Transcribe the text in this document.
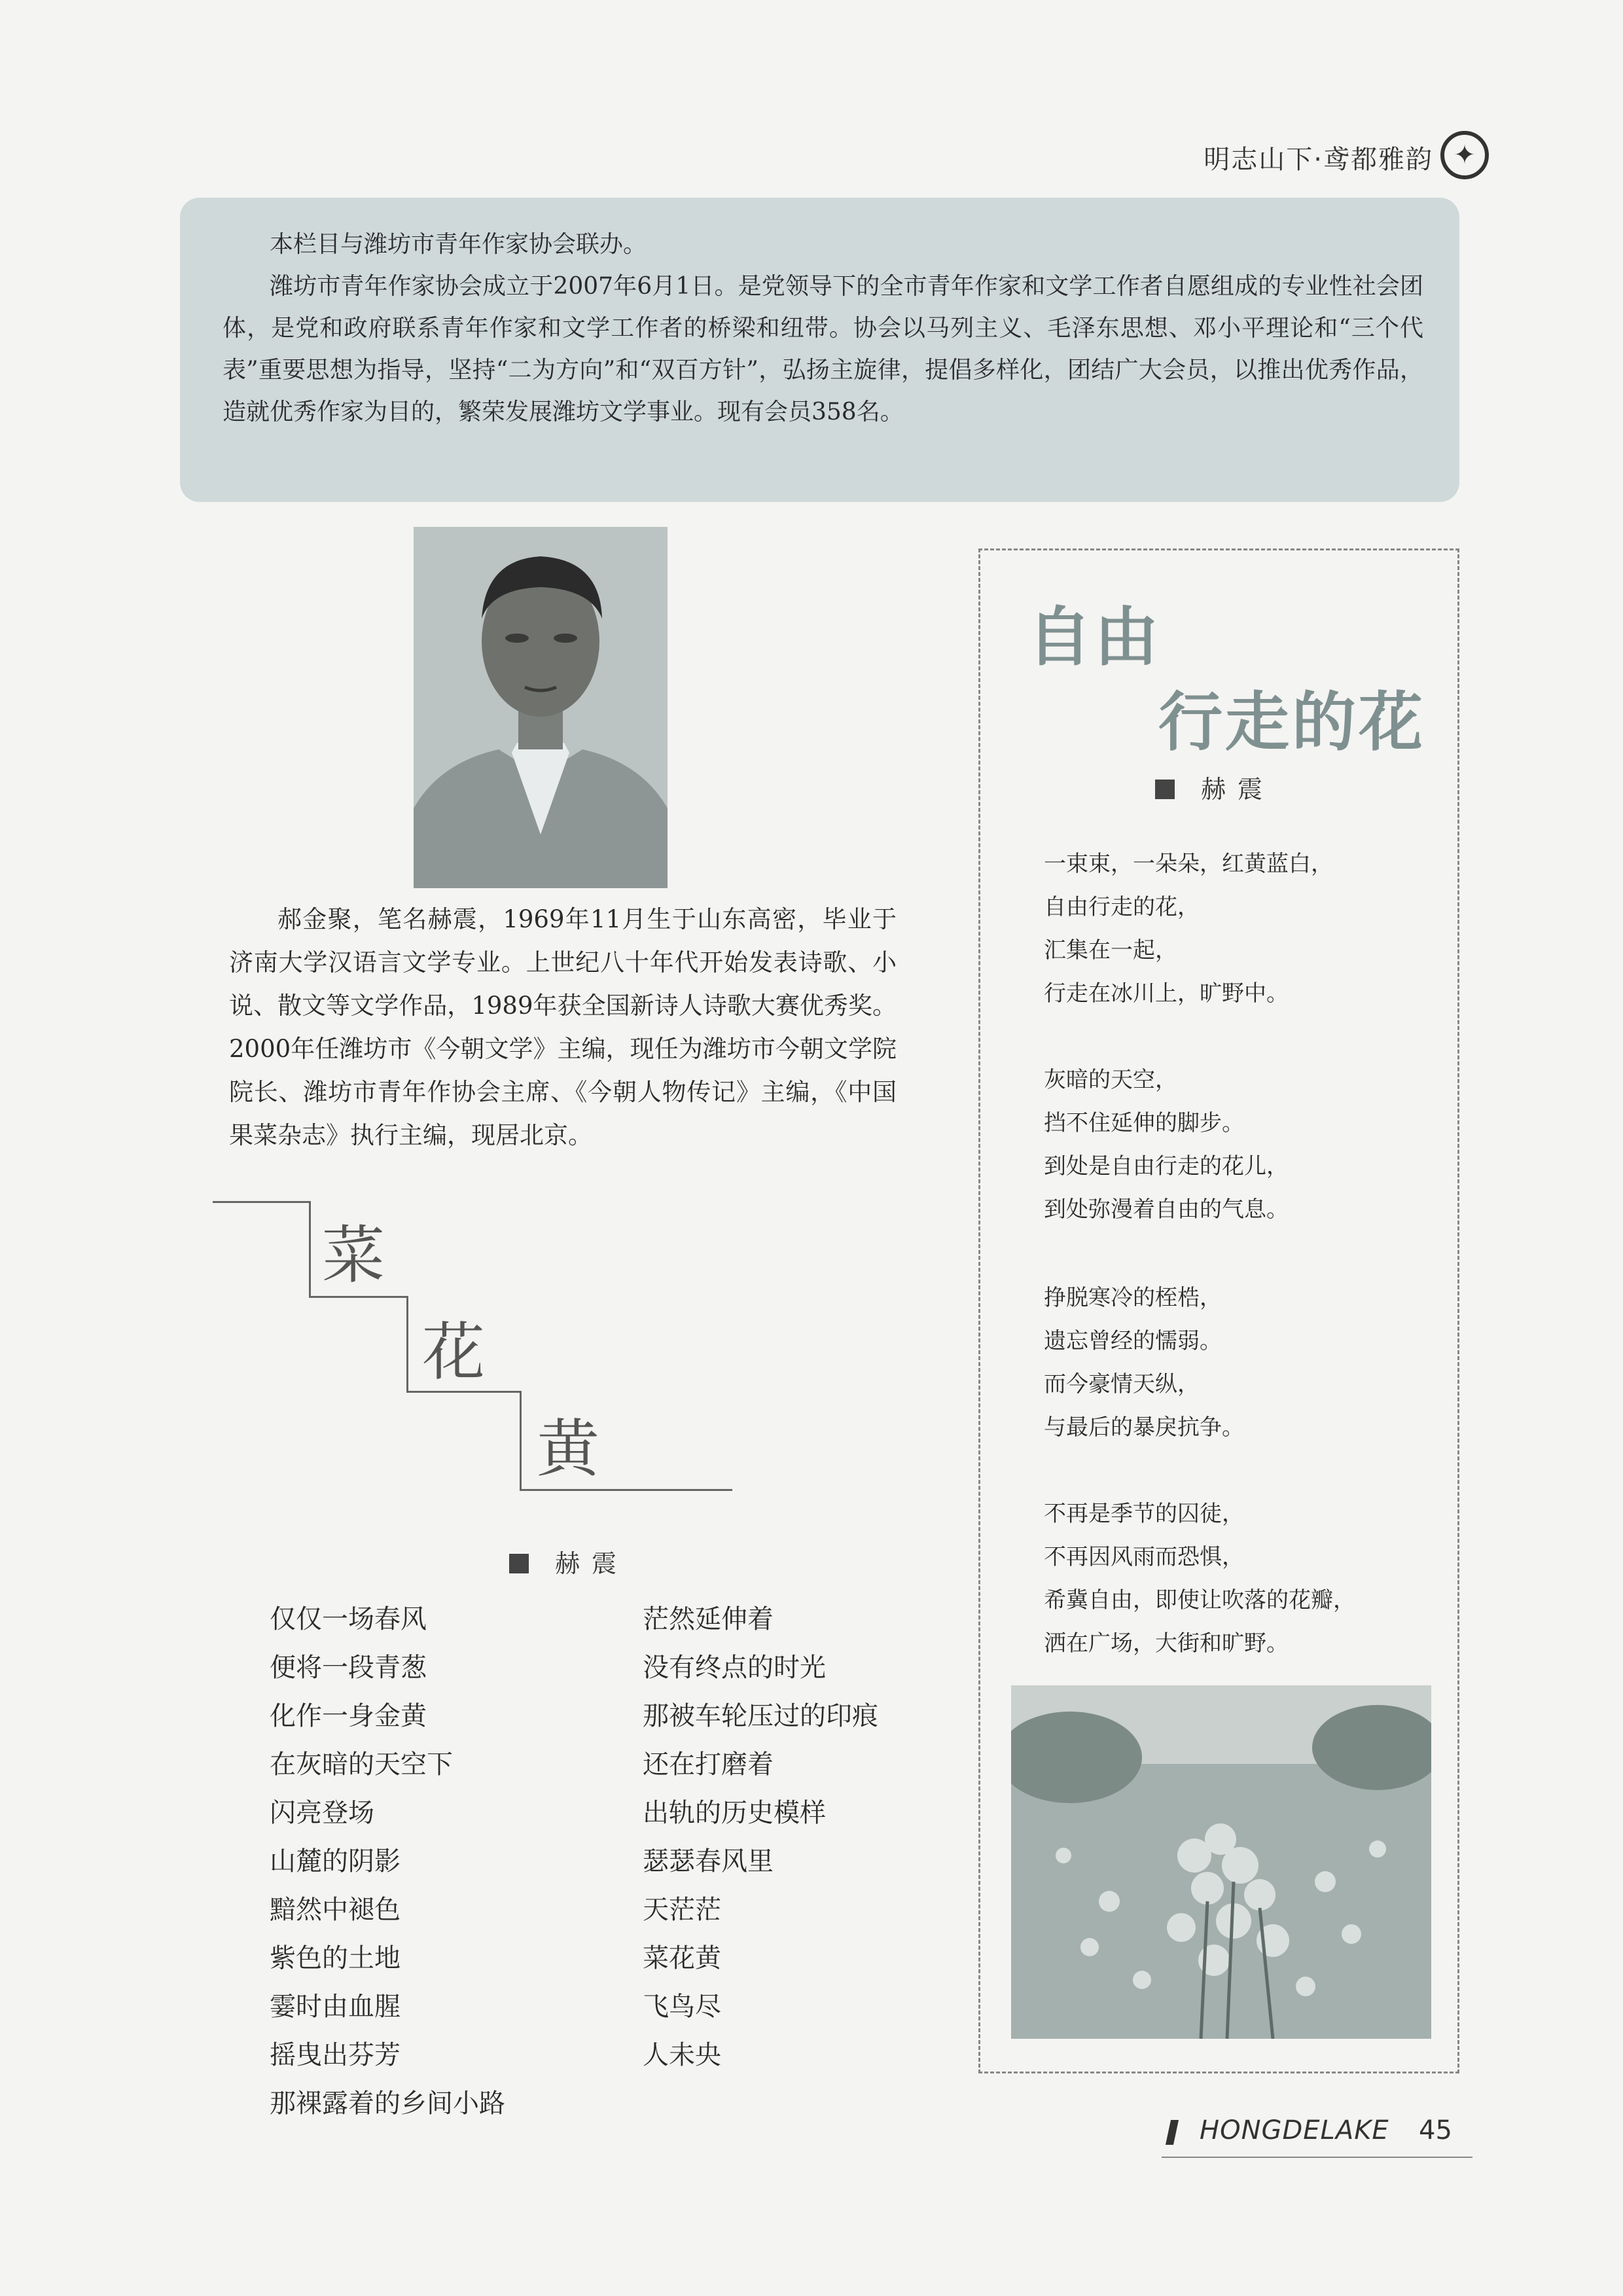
明志山下·鸢都雅韵 ✦

本栏目与潍坊市青年作家协会联办。

潍坊市青年作家协会成立于2007年6月1日。是党领导下的全市青年作家和文学工作者自愿组成的专业性社会团体，是党和政府联系青年作家和文学工作者的桥梁和纽带。协会以马列主义、毛泽东思想、邓小平理论和“三个代表”重要思想为指导，坚持“二为方向”和“双百方针”，弘扬主旋律，提倡多样化，团结广大会员，以推出优秀作品，造就优秀作家为目的，繁荣发展潍坊文学事业。现有会员358名。

郝金聚，笔名赫震，1969年11月生于山东高密，毕业于济南大学汉语言文学专业。上世纪八十年代开始发表诗歌、小说、散文等文学作品，1989年获全国新诗人诗歌大赛优秀奖。2000年任潍坊市《今朝文学》主编，现任为潍坊市今朝文学院院长、潍坊市青年作协会主席、《今朝人物传记》主编，《中国果菜杂志》执行主编，现居北京。

菜
花
黄
赫震
仅仅一场春风
便将一段青葱
化作一身金黄
在灰暗的天空下
闪亮登场
山麓的阴影
黯然中褪色
紫色的土地
霎时由血腥
摇曳出芬芳
那裸露着的乡间小路
茫然延伸着
没有终点的时光
那被车轮压过的印痕
还在打磨着
出轨的历史模样
瑟瑟春风里
天茫茫
菜花黄
飞鸟尽
人未央
自由
行走的花
赫震
一束束，一朵朵，红黄蓝白，
自由行走的花，
汇集在一起，
行走在冰川上，旷野中。
灰暗的天空，
挡不住延伸的脚步。
到处是自由行走的花儿，
到处弥漫着自由的气息。
挣脱寒冷的桎梏，
遗忘曾经的懦弱。
而今豪情天纵，
与最后的暴戾抗争。
不再是季节的囚徒，
不再因风雨而恐惧，
希冀自由，即使让吹落的花瓣，
洒在广场，大街和旷野。
HONGDELAKE 45
